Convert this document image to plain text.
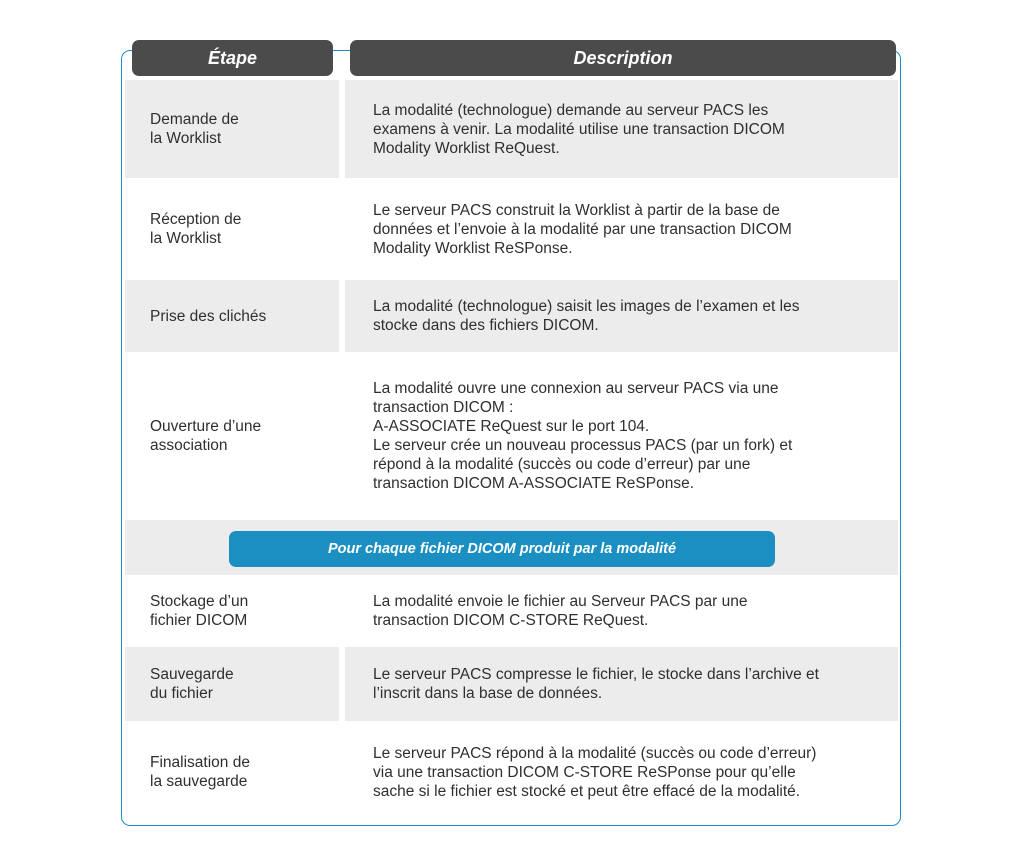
Étape	Description
Demande de
la Worklist
La modalité (technologue) demande au serveur PACS les
examens à venir. La modalité utilise une transaction DICOM
Modality Worklist ReQuest.
Réception de
la Worklist
Le serveur PACS construit la Worklist à partir de la base de
données et l’envoie à la modalité par une transaction DICOM
Modality Worklist ReSPonse.
Prise des clichés
La modalité (technologue) saisit les images de l’examen et les
stocke dans des fichiers DICOM.
Ouverture d’une
association
La modalité ouvre une connexion au serveur PACS via une
transaction DICOM :
A-ASSOCIATE ReQuest sur le port 104.
Le serveur crée un nouveau processus PACS (par un fork) et
répond à la modalité (succès ou code d’erreur) par une
transaction DICOM A-ASSOCIATE ReSPonse.
Pour chaque fichier DICOM produit par la modalité
Stockage d’un
fichier DICOM
La modalité envoie le fichier au Serveur PACS par une
transaction DICOM C-STORE ReQuest.
Sauvegarde
du fichier
Le serveur PACS compresse le fichier, le stocke dans l’archive et
l’inscrit dans la base de données.
Finalisation de
la sauvegarde
Le serveur PACS répond à la modalité (succès ou code d’erreur)
via une transaction DICOM C-STORE ReSPonse pour qu’elle
sache si le fichier est stocké et peut être effacé de la modalité.
